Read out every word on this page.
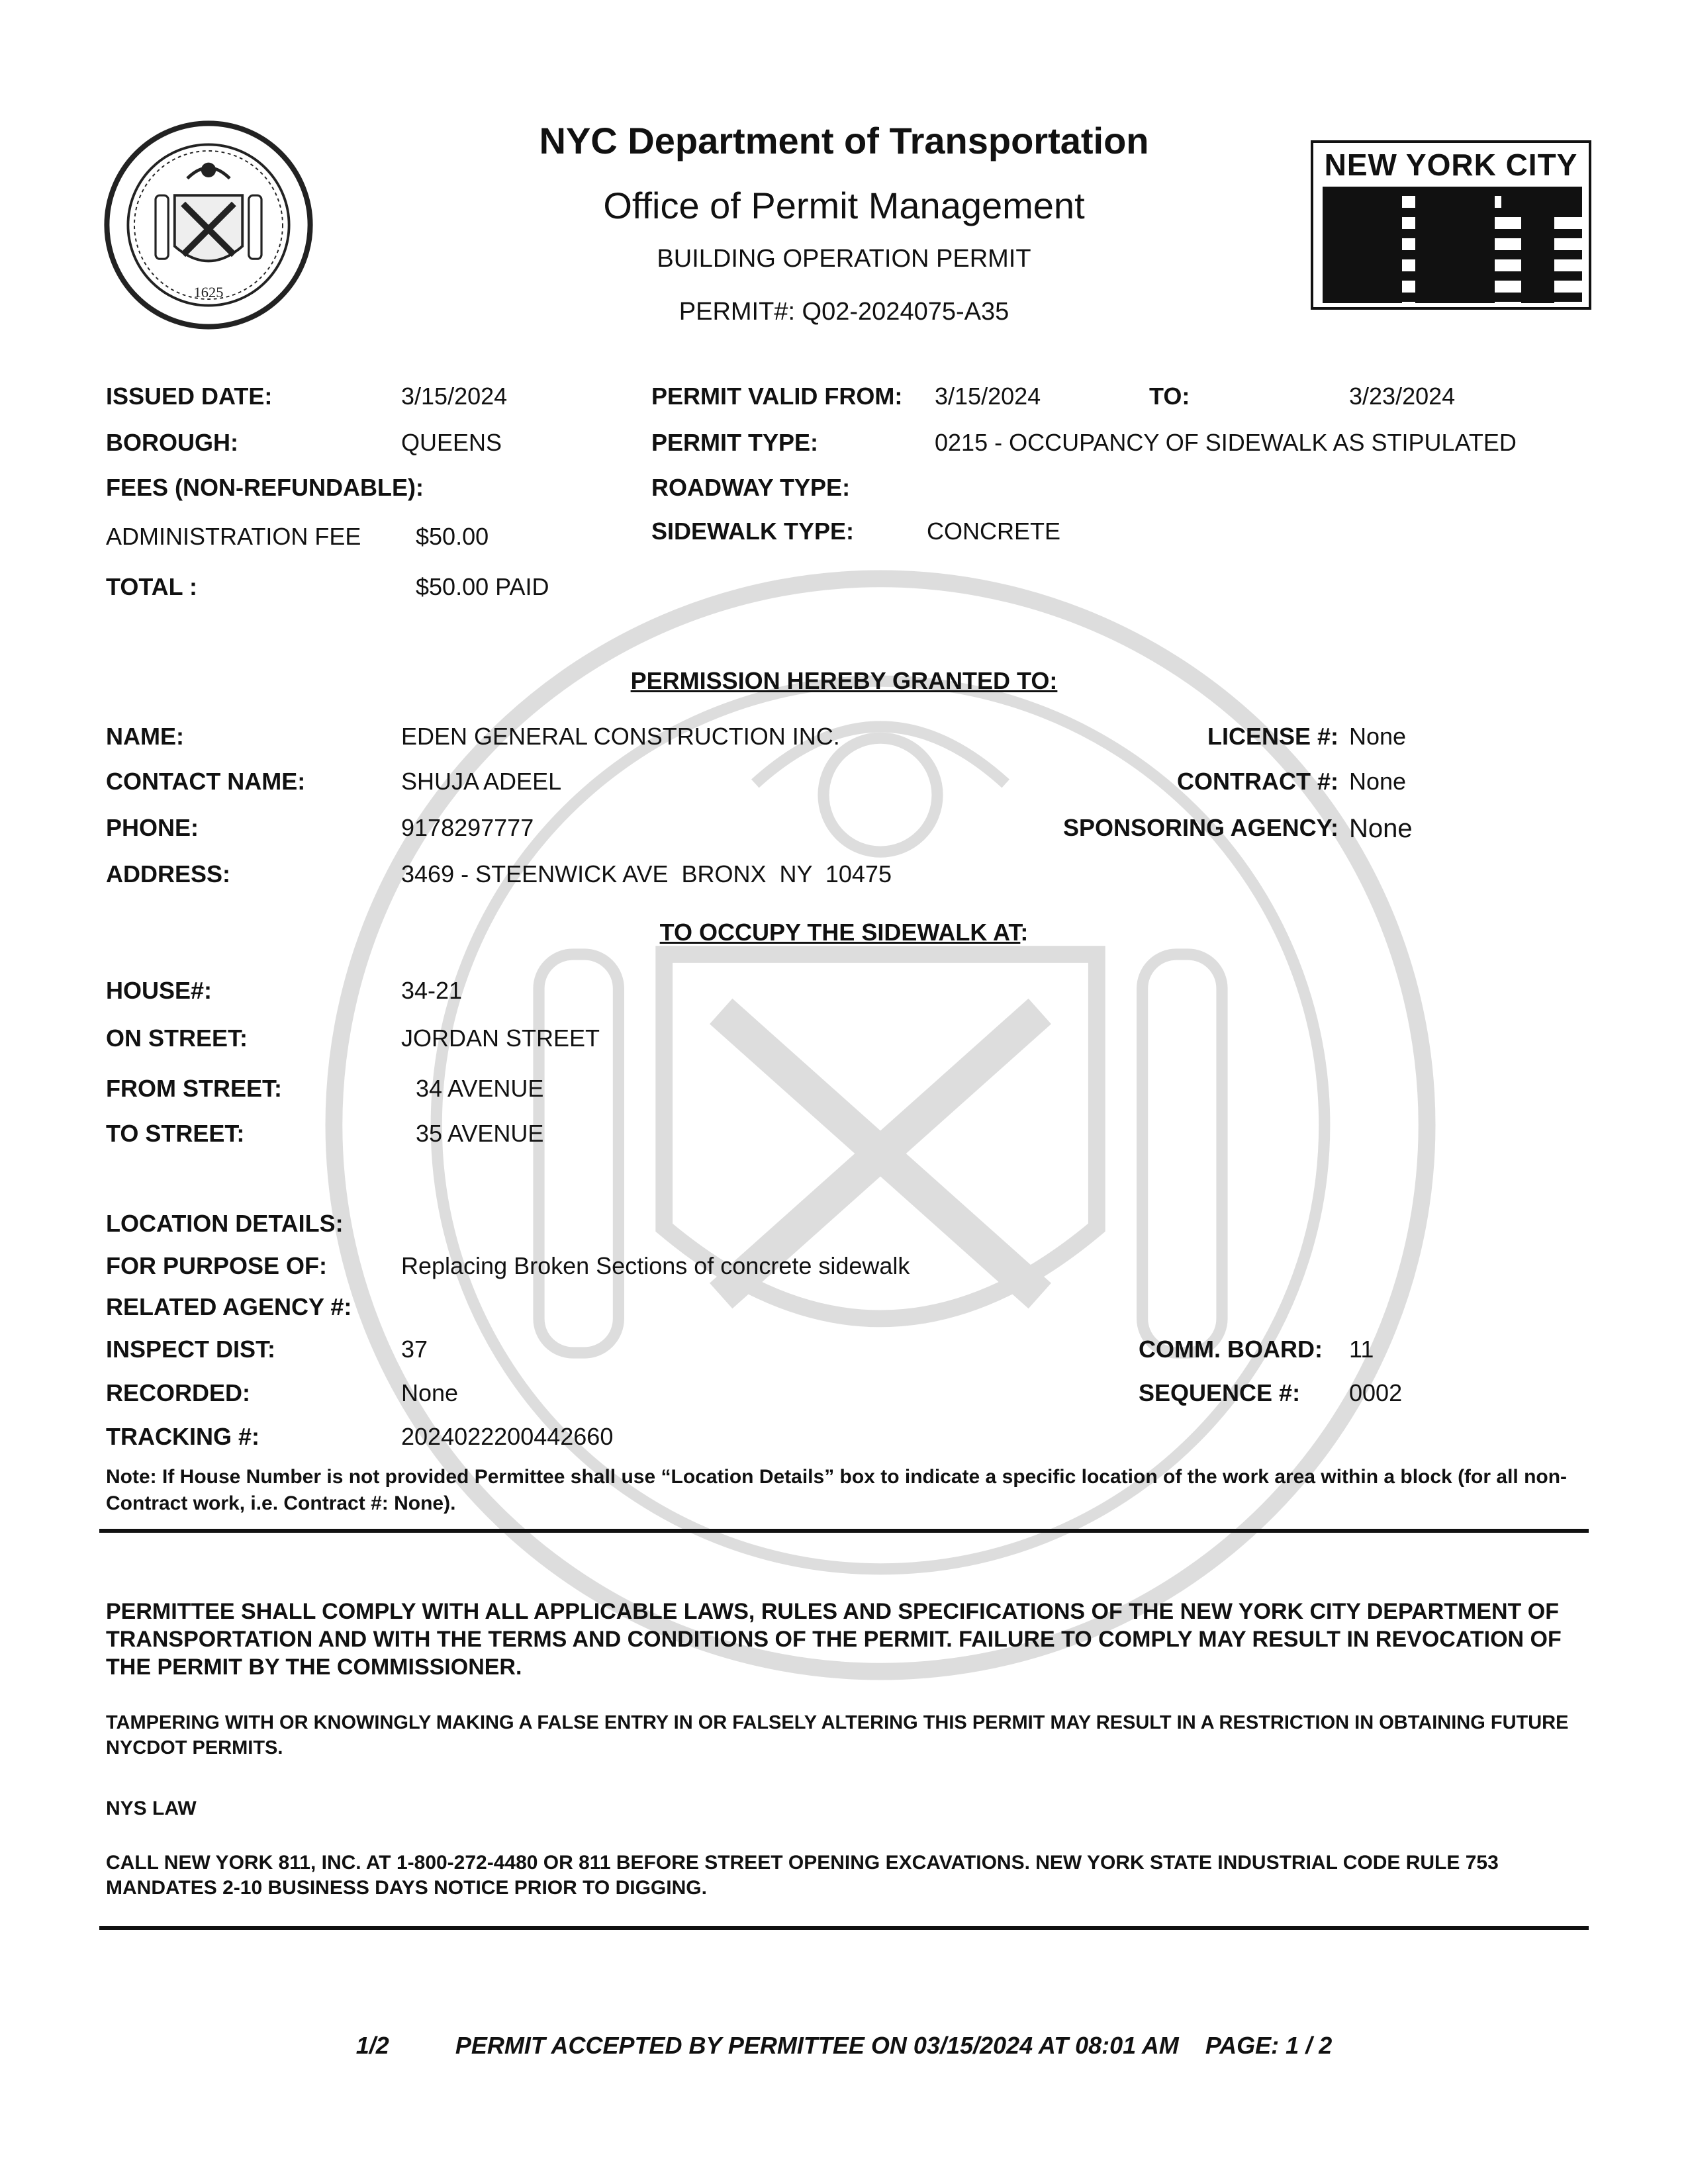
1625
NYC Department of Transportation
Office of Permit Management
BUILDING OPERATION PERMIT
PERMIT#: Q02-2024075-A35
NEW YORK CITY
ISSUED DATE:	3/15/2024	PERMIT VALID FROM: 3/15/2024	TO:	3/23/2024
BOROUGH:	QUEENS	PERMIT TYPE:	0215 - OCCUPANCY OF SIDEWALK AS STIPULATED
FEES (NON-REFUNDABLE):	ROADWAY TYPE:
ADMINISTRATION FEE $50.00	SIDEWALK TYPE:	CONCRETE
TOTAL :	$50.00 PAID
PERMISSION HEREBY GRANTED TO:
NAME:	EDEN GENERAL CONSTRUCTION INC.	LICENSE #: None
CONTACT NAME:	SHUJA ADEEL	CONTRACT #: None
PHONE:	9178297777	SPONSORING AGENCY: None
ADDRESS:	3469 - STEENWICK AVE  BRONX  NY  10475
TO OCCUPY THE SIDEWALK AT:
HOUSE#:	34-21
ON STREET:	JORDAN STREET
FROM STREET:	34 AVENUE
TO STREET:	35 AVENUE
LOCATION DETAILS:
FOR PURPOSE OF:	Replacing Broken Sections of concrete sidewalk
RELATED AGENCY #:
INSPECT DIST:	37	COMM. BOARD: 11
RECORDED:	None	SEQUENCE #: 0002
TRACKING #:	2024022200442660
Note: If House Number is not provided Permittee shall use “Location Details” box to indicate a specific location of the work area within a block (for all non-Contract work, i.e. Contract #: None).
PERMITTEE SHALL COMPLY WITH ALL APPLICABLE LAWS, RULES AND SPECIFICATIONS OF THE NEW YORK CITY DEPARTMENT OF TRANSPORTATION AND WITH THE TERMS AND CONDITIONS OF THE PERMIT. FAILURE TO COMPLY MAY RESULT IN REVOCATION OF THE PERMIT BY THE COMMISSIONER.
TAMPERING WITH OR KNOWINGLY MAKING A FALSE ENTRY IN OR FALSELY ALTERING THIS PERMIT MAY RESULT IN A RESTRICTION IN OBTAINING FUTURE NYCDOT PERMITS.
NYS LAW
CALL NEW YORK 811, INC. AT 1-800-272-4480 OR 811 BEFORE STREET OPENING EXCAVATIONS. NEW YORK STATE INDUSTRIAL CODE RULE 753 MANDATES 2-10 BUSINESS DAYS NOTICE PRIOR TO DIGGING.
1/2	PERMIT ACCEPTED BY PERMITTEE ON 03/15/2024 AT 08:01 AM PAGE: 1 / 2
